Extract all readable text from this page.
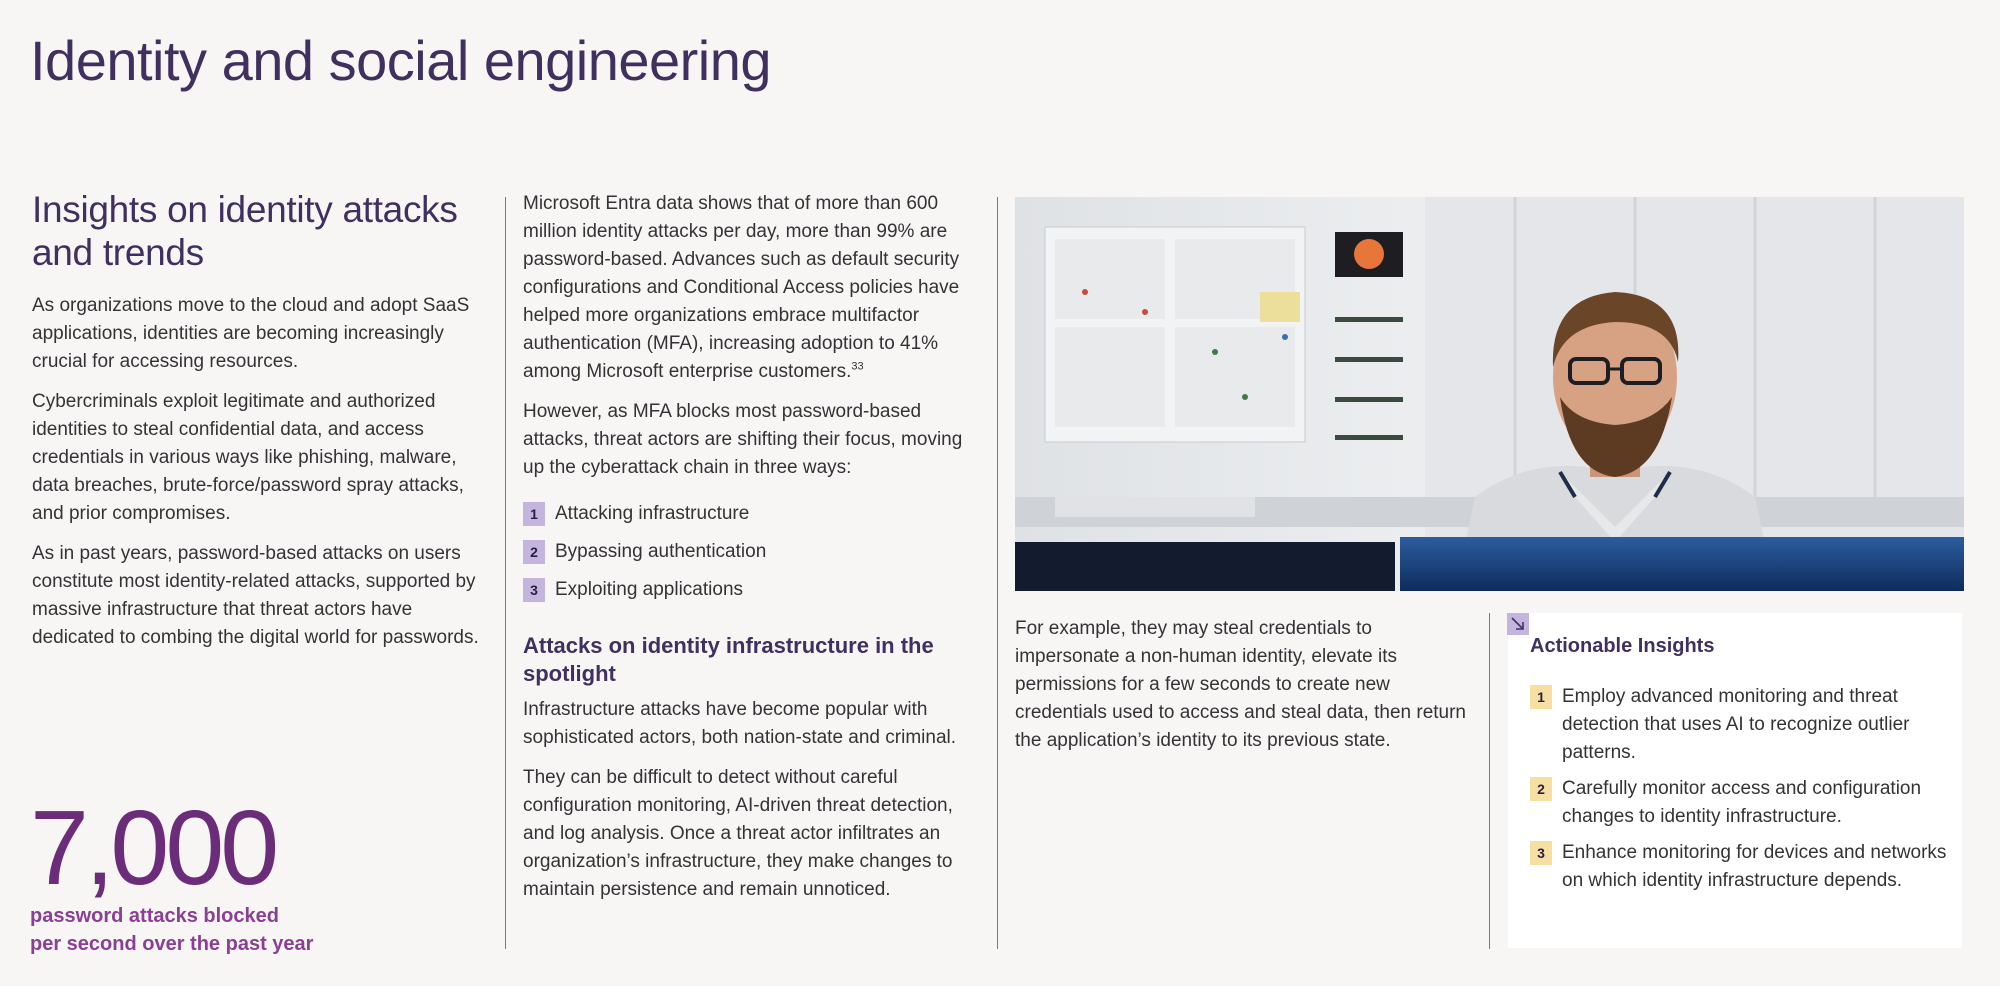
Identity and social engineering
Insights on identity attacks and trends

As organizations move to the cloud and adopt SaaS applications, identities are becoming increasingly crucial for accessing resources.

Cybercriminals exploit legitimate and authorized identities to steal confidential data, and access credentials in various ways like phishing, malware, data breaches, brute-force/password spray attacks, and prior compromises.

As in past years, password-based attacks on users constitute most identity-related attacks, supported by massive infrastructure that threat actors have dedicated to combing the digital world for passwords.

7,000
password attacks blocked
per second over the past year

Microsoft Entra data shows that of more than 600 million identity attacks per day, more than 99% are password-based. Advances such as default security configurations and Conditional Access policies have helped more organizations embrace multifactor authentication (MFA), increasing adoption to 41% among Microsoft enterprise customers.$^{33}$

However, as MFA blocks most password-based attacks, threat actors are shifting their focus, moving up the cyberattack chain in three ways:

1 Attacking infrastructure
2 Bypassing authentication
3 Exploiting applications
Attacks on identity infrastructure in the spotlight

Infrastructure attacks have become popular with sophisticated actors, both nation-state and criminal.

They can be difficult to detect without careful configuration monitoring, AI-driven threat detection, and log analysis. Once a threat actor infiltrates an organization’s infrastructure, they make changes to maintain persistence and remain unnoticed.

For example, they may steal credentials to impersonate a non-human identity, elevate its permissions for a few seconds to create new credentials used to access and steal data, then return the application’s identity to its previous state.

Actionable Insights
1 Employ advanced monitoring and threat detection that uses AI to recognize outlier patterns.
2 Carefully monitor access and configuration changes to identity infrastructure.
3 Enhance monitoring for devices and networks on which identity infrastructure depends.
